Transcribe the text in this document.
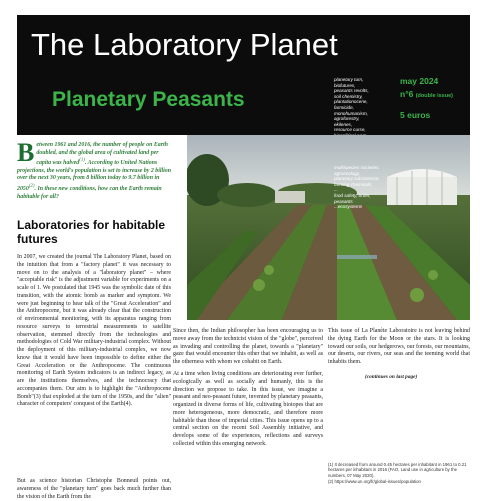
The Laboratory Planet
Planetary Peasants
planetary turn,
biofutures,
peasants revolts,
soil chemistry,
plantationocene,
farmicide,
monohumanism,
agroforestry,
ekilenes,
resource curse,
may 2024
n°6 (double issue)
5 euros
Between 1961 and 2016, the number of people on Earth doubled, and the global area of cultivated land per capita was halved$^{(1)}$. According to United Nations projections, the world's population is set to increase by 2 billion over the next 30 years, from 8 billion today to 9.7 billion in 2050$^{(2)}$. In these new conditions, how can the Earth remain habitable for all?
Laboratories for habitable futures

In 2007, we created the journal The Laboratory Planet, based on the intuition that from a "factory planet" it was necessary to move on to the analysis of a "laboratory planet" – where "acceptable risk" is the adjustment variable for experiments on a scale of 1. We postulated that 1945 was the symbolic date of this transition, with the atomic bomb as marker and symptom. We were just beginning to hear talk of the "Great Acceleration" and the Anthropocene, but it was already clear that the construction of environmental monitoring, with its apparatus ranging from resource surveys to terrestrial measurements to satellite observation, stemmed directly from the technologies and methodologies of Cold War military-industrial complex. Without the deployment of this military-industrial complex, we now know that it would have been impossible to define either the Great Acceleration or the Anthropocene. The continuous monitoring of Earth System indicators is an indirect legacy, as are the institutions themselves, and the technocracy that accompanies them. Our aim is to highlight the "Anthropocene Bomb"(3) that exploded at the turn of the 1950s, and the "alien" character of computers' conquest of the Earth(4).

But as science historian Christophe Bonneuil points out, awareness of the "planetary turn" goes back much further than the vision of the Earth from the

multispecies societies,
agroecology,
planetary subsistence,
farming chemicals,
...
food safety, order,
peasants
...ecosystems

Since then, the Indian philosopher has been encouraging us to move away from the technicist vision of the "globe", perceived as invading and controlling the planet, towards a "planetary" gaze that would encounter this other that we inhabit, as well as the otherness with whom we cohabit on Earth.

At a time when living conditions are deteriorating ever further, ecologically as well as socially and humanly, this is the direction we propose to take. In this issue, we imagine a peasant and neo-peasant future, invented by planetary peasants, organized in diverse forms of life, cultivating biotopes that are more heterogeneous, more democratic, and therefore more habitable than those of imperial cities. This issue opens up to a central section on the recent Soil Assembly initiative, and develops some of the experiences, reflections and surveys collected within this emerging network.

This issue of La Planète Laboratoire is not leaving behind the dying Earth for the Moon or the stars. It is looking toward our soils, our hedgerows, our forests, our mountains, our deserts, our rivers, our seas and the teeming world that inhabits them.

(continues on last page)
(1) It decreased from around 0.45 hectares per inhabitant in 1961 to 0.21 hectares per inhabitant in 2016 (FAO, Land use in agriculture by the numbers, 07 May 2020).
(2) https://www.un.org/fr/global-issues/population
